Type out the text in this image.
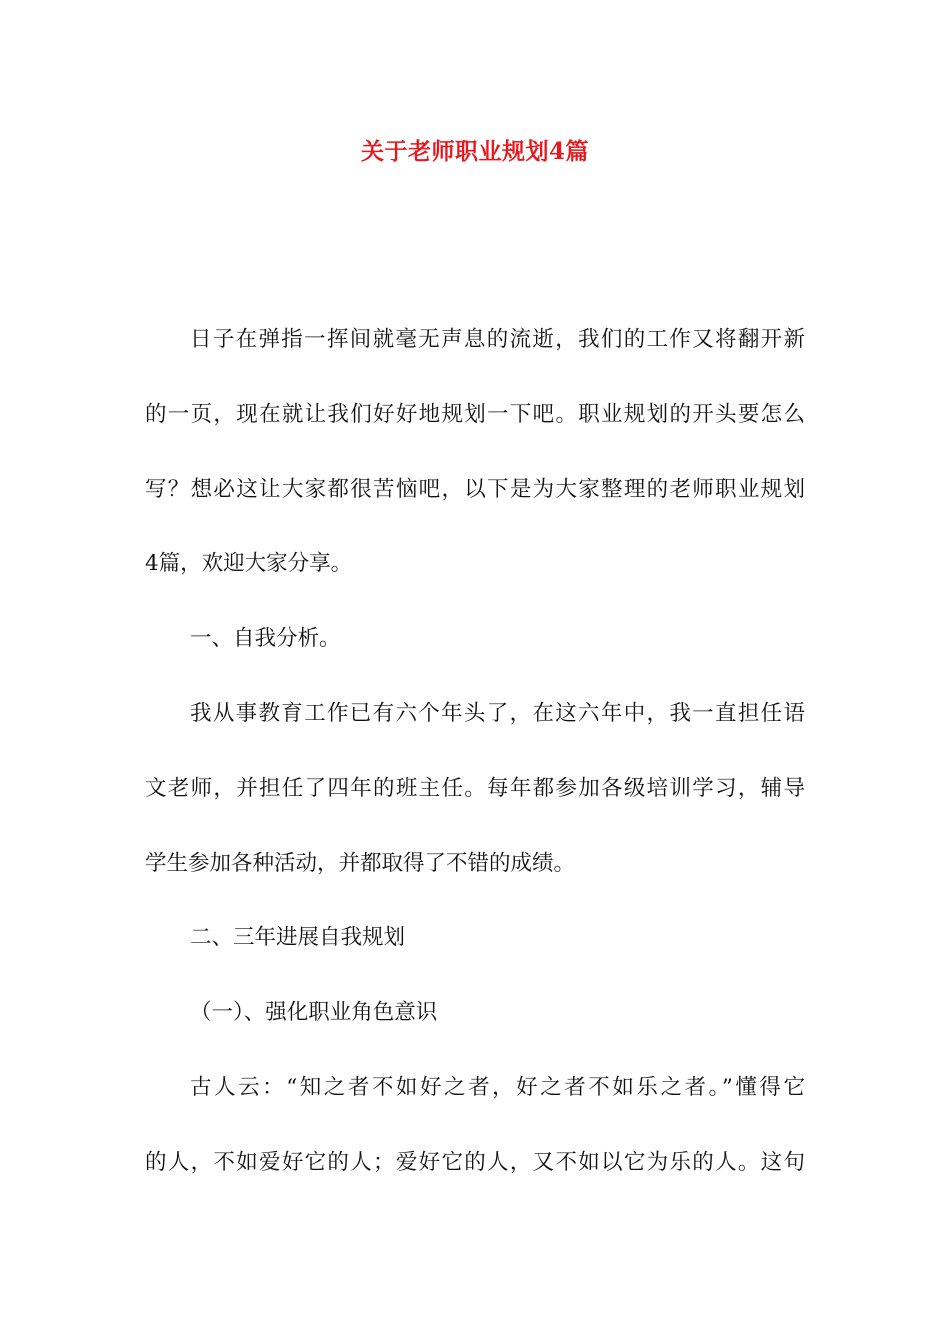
关于老师职业规划4篇
日子在弹指一挥间就毫无声息的流逝，我们的工作又将翻开新
的一页，现在就让我们好好地规划一下吧。职业规划的开头要怎么
写？想必这让大家都很苦恼吧，以下是为大家整理的老师职业规划
4篇，欢迎大家分享。
一、自我分析。
我从事教育工作已有六个年头了，在这六年中，我一直担任语
文老师，并担任了四年的班主任。每年都参加各级培训学习，辅导
学生参加各种活动，并都取得了不错的成绩。
二、三年进展自我规划
（一）、强化职业角色意识
古人云：“知之者不如好之者，好之者不如乐之者。”懂得它
的人，不如爱好它的人；爱好它的人，又不如以它为乐的人。这句
